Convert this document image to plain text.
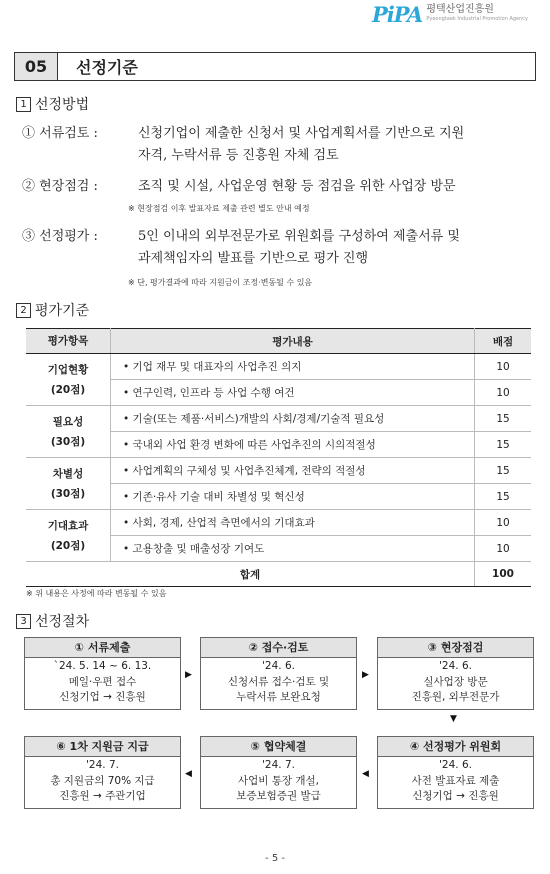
PiPA 평택산업진흥원
Pyeongtaek Industrial Promotion Agency
05	선정기준
1 선정방법
① 서류검토 :	신청기업이 제출한 신청서 및 사업계획서를 기반으로 지원
자격, 누락서류 등 진흥원 자체 검토
② 현장점검 :	조직 및 시설, 사업운영 현황 등 점검을 위한 사업장 방문
※ 현장점검 이후 발표자료 제출 관련 별도 안내 예정
③ 선정평가 :	5인 이내의 외부전문가로 위원회를 구성하여 제출서류 및
과제책임자의 발표를 기반으로 평가 진행
※ 단, 평가결과에 따라 지원금이 조정·변동될 수 있음
2 평가기준
평가항목	평가내용	배점
기업현황
(20점)	• 기업 재무 및 대표자의 사업추진 의지	10
	• 연구인력, 인프라 등 사업 수행 여건	10
필요성
(30점)	• 기술(또는 제품·서비스)개발의 사회/경제/기술적 필요성	15
	• 국내외 사업 환경 변화에 따른 사업추진의 시의적절성	15
차별성
(30점)	• 사업계획의 구체성 및 사업추진체계, 전략의 적절성	15
	• 기존·유사 기술 대비 차별성 및 혁신성	15
기대효과
(20점)	• 사회, 경제, 산업적 측면에서의 기대효과	10
	• 고용창출 및 매출성장 기여도	10
합계		100
※ 위 내용은 사정에 따라 변동될 수 있음
3 선정절차
① 서류제출
`24. 5. 14 ~ 6. 13.
메일·우편 접수
신청기업 → 진흥원
▶
② 접수·검토
'24. 6.
신청서류 접수·검토 및
누락서류 보완요청
▶
③ 현장점검
'24. 6.
실사업장 방문
진흥원, 외부전문가
▼
⑥ 1차 지원금 지급
'24. 7.
총 지원금의 70% 지급
진흥원 → 주관기업
◀
⑤ 협약체결
'24. 7.
사업비 통장 개설,
보증보험증권 발급
◀
④ 선정평가 위원회
'24. 6.
사전 발표자료 제출
신청기업 → 진흥원
- 5 -
